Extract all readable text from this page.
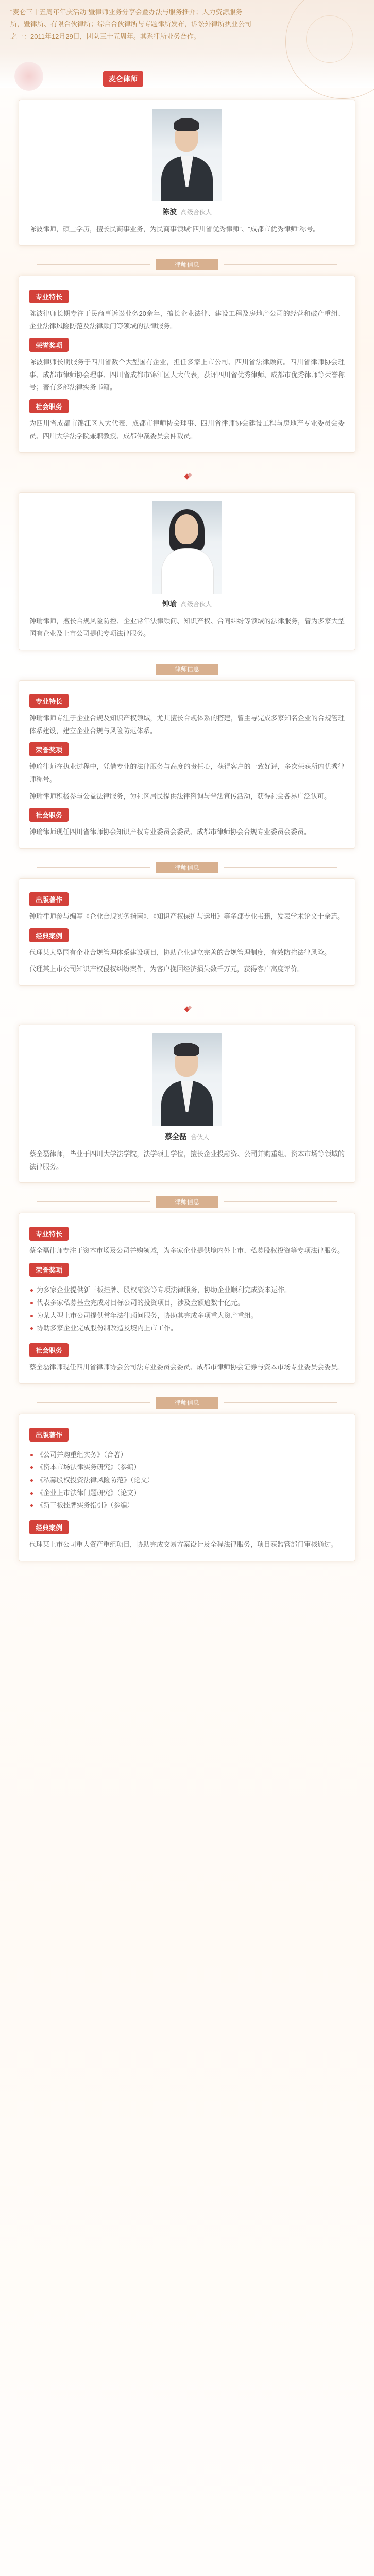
“麦仑三十五周年年庆活动”暨律师业务分享会暨办法与服务推介；人力资源服务所，暨律所、有限合伙律所；综合合伙律所与专题律所发布，诉讼外律所执业公司之一：2011年12月29日，团队三十五周年。其系律所业务合作。
麦仑律师
陈波 高级合伙人
陈波律师，硕士学历，擅长民商事业务，为民商事领域“四川省优秀律师”、“成都市优秀律师”称号。
律师信息
专业特长
陈波律师长期专注于民商事诉讼业务20余年，擅长企业法律、建设工程及房地产公司的经营和破产重组、企业法律风险防范及法律顾问等领域的法律服务。
荣誉奖项
陈波律师长期服务于四川省数个大型国有企业，担任多家上市公司、四川省法律顾问。四川省律师协会理事、成都市律师协会理事、四川省成都市锦江区人大代表，获评四川省优秀律师、成都市优秀律师等荣誉称号；著有多部法律实务书籍。
社会职务
为四川省成都市锦江区人大代表、成都市律师协会理事、四川省律师协会建设工程与房地产专业委员会委员、四川大学法学院兼职教授、成都仲裁委员会仲裁员。
钟瑜 高级合伙人
钟瑜律师，擅长合规风险防控、企业常年法律顾问、知识产权、合同纠纷等领域的法律服务，曾为多家大型国有企业及上市公司提供专项法律服务。
律师信息
专业特长
钟瑜律师专注于企业合规及知识产权领域，尤其擅长合规体系的搭建，曾主导完成多家知名企业的合规管理体系建设，建立企业合规与风险防范体系。
荣誉奖项
钟瑜律师在执业过程中，凭借专业的法律服务与高度的责任心，获得客户的一致好评，多次荣获所内优秀律师称号。
钟瑜律师积极参与公益法律服务，为社区居民提供法律咨询与普法宣传活动，获得社会各界广泛认可。
社会职务
钟瑜律师现任四川省律师协会知识产权专业委员会委员、成都市律师协会合规专业委员会委员。
律师信息
出版著作
钟瑜律师参与编写《企业合规实务指南》、《知识产权保护与运用》等多部专业书籍，发表学术论文十余篇。
经典案例
代理某大型国有企业合规管理体系建设项目，协助企业建立完善的合规管理制度，有效防控法律风险。
代理某上市公司知识产权侵权纠纷案件，为客户挽回经济损失数千万元，获得客户高度评价。
蔡全磊 合伙人
蔡全磊律师，毕业于四川大学法学院，法学硕士学位，擅长企业投融资、公司并购重组、资本市场等领域的法律服务。
律师信息
专业特长
蔡全磊律师专注于资本市场及公司并购领域，为多家企业提供境内外上市、私募股权投资等专项法律服务。
荣誉奖项
为多家企业提供新三板挂牌、股权融资等专项法律服务，协助企业顺利完成资本运作。
代表多家私募基金完成对目标公司的投资项目，涉及金额逾数十亿元。
为某大型上市公司提供常年法律顾问服务，协助其完成多项重大资产重组。
协助多家企业完成股份制改造及境内上市工作。
社会职务
蔡全磊律师现任四川省律师协会公司法专业委员会委员、成都市律师协会证券与资本市场专业委员会委员。
律师信息
出版著作
《公司并购重组实务》（合著）
《资本市场法律实务研究》（参编）
《私募股权投资法律风险防范》（论文）
《企业上市法律问题研究》（论文）
《新三板挂牌实务指引》（参编）
经典案例
代理某上市公司重大资产重组项目，协助完成交易方案设计及全程法律服务，项目获监管部门审核通过。
